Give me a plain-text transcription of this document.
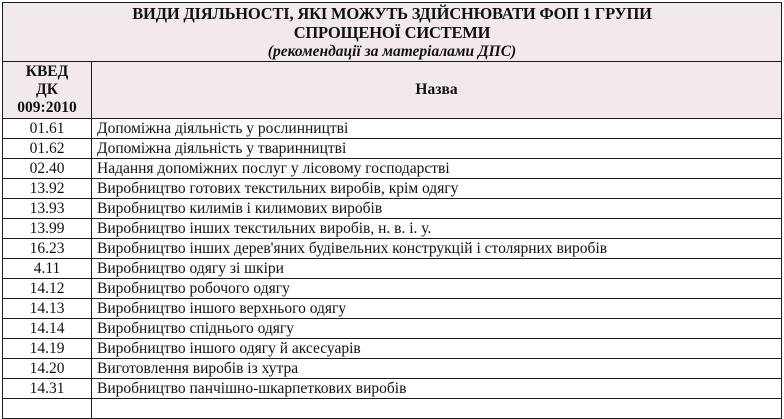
ВИДИ ДІЯЛЬНОСТІ, ЯКІ МОЖУТЬ ЗДІЙСНЮВАТИ ФОП 1 ГРУПИ
СПРОЩЕНОЇ СИСТЕМИ
(рекомендації за матеріалами ДПС)	

КВЕД
ДК
009:2010	Назва
01.61	Допоміжна діяльність у рослинництві
01.62	Допоміжна діяльність у тваринництві
02.40	Надання допоміжних послуг у лісовому господарстві
13.92	Виробництво готових текстильних виробів, крім одягу
13.93	Виробництво килимів і килимових виробів
13.99	Виробництво інших текстильних виробів, н. в. і. у.
16.23	Виробництво інших дерев'яних будівельних конструкцій і столярних виробів
4.11	Виробництво одягу зі шкіри
14.12	Виробництво робочого одягу
14.13	Виробництво іншого верхнього одягу
14.14	Виробництво спіднього одягу
14.19	Виробництво іншого одягу й аксесуарів
14.20	Виготовлення виробів із хутра
14.31	Виробництво панчішно-шкарпеткових виробів
